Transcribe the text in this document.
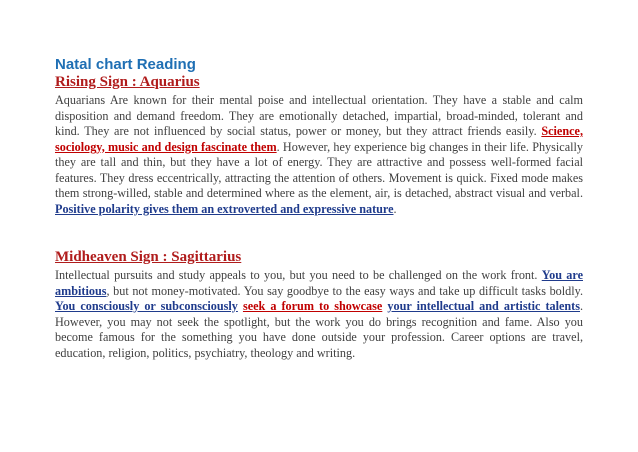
Natal chart Reading
Rising Sign : Aquarius
Aquarians Are known for their mental poise and intellectual orientation. They have a stable and calm disposition and demand freedom. They are emotionally detached, impartial, broad-minded, tolerant and kind. They are not influenced by social status, power or money, but they attract friends easily. Science, sociology, music and design fascinate them. However, hey experience big changes in their life. Physically they are tall and thin, but they have a lot of energy. They are attractive and possess well-formed facial features. They dress eccentrically, attracting the attention of others. Movement is quick. Fixed mode makes them strong-willed, stable and determined where as the element, air, is detached, abstract visual and verbal. Positive polarity gives them an extroverted and expressive nature.
Midheaven Sign : Sagittarius
Intellectual pursuits and study appeals to you, but you need to be challenged on the work front. You are ambitious, but not money-motivated. You say goodbye to the easy ways and take up difficult tasks boldly. You consciously or subconsciously seek a forum to showcase your intellectual and artistic talents. However, you may not seek the spotlight, but the work you do brings recognition and fame. Also you become famous for the something you have done outside your profession. Career options are travel, education, religion, politics, psychiatry, theology and writing.
